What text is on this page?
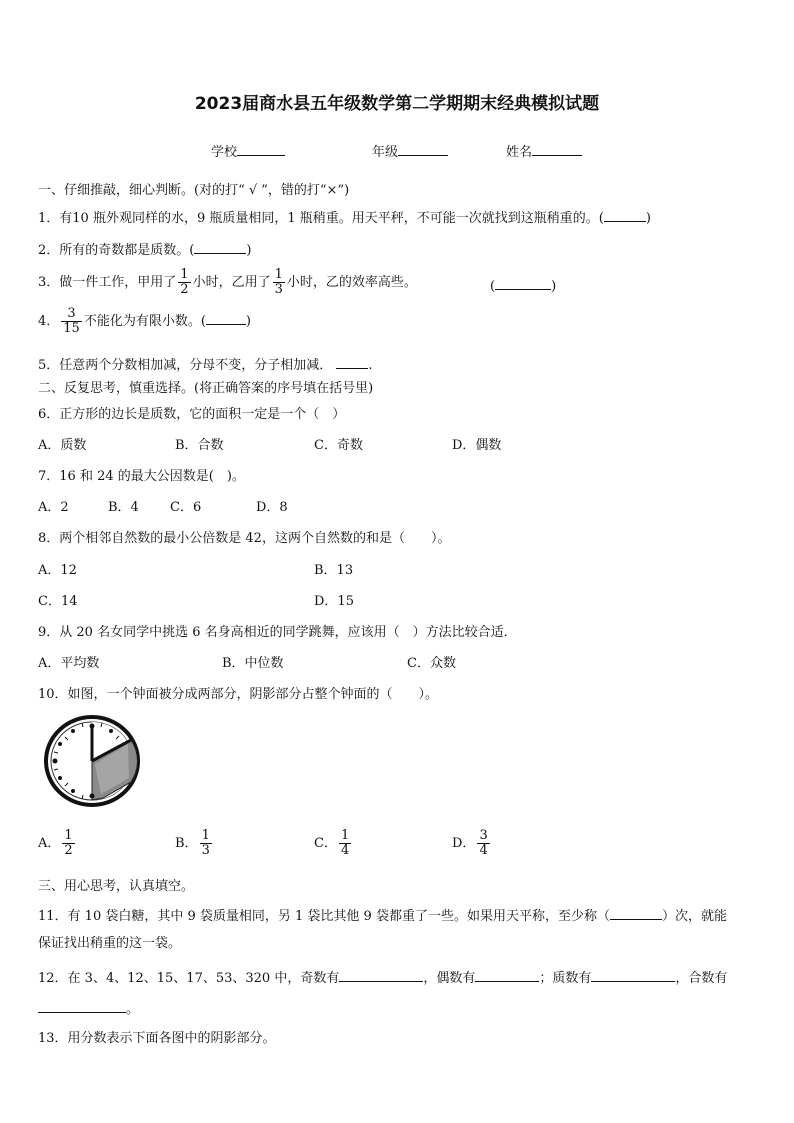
2023届商水县五年级数学第二学期期末经典模拟试题
学校	年级	姓名
一、仔细推敲，细心判断。(对的打“ √ ”，错的打“×”)
1．有10 瓶外观同样的水，9 瓶质量相同，1 瓶稍重。用天平秤，不可能一次就找到这瓶稍重的。(	)
2．所有的奇数都是质数。(	)
3．做一件工作，甲用了 $\frac{1}{2}$ 小时，乙用了 $\frac{1}{3}$ 小时，乙的效率高些。	(	)
4． $\frac{3}{15}$ 不能化为有限小数。(	)
5．任意两个分数相加减，分母不变，分子相加减．	.
二、反复思考，慎重选择。(将正确答案的序号填在括号里)
6．正方形的边长是质数，它的面积一定是一个（　）
A．质数	B．合数	C．奇数	D．偶数
7．16 和 24 的最大公因数是(　)。
A．2	B．4 C．6	D．8
8．两个相邻自然数的最小公倍数是 42，这两个自然数的和是（　　）。
A．12	B．13
C．14	D．15
9．从 20 名女同学中挑选 6 名身高相近的同学跳舞，应该用（　）方法比较合适．
A．平均数	B．中位数	C．众数
10．如图，一个钟面被分成两部分，阴影部分占整个钟面的（　　）。
A． $\frac{1}{2}$	B． $\frac{1}{3}$	C． $\frac{1}{4}$	D． $\frac{3}{4}$
三、用心思考，认真填空。
11．有 10 袋白糖，其中 9 袋质量相同，另 1 袋比其他 9 袋都重了一些。如果用天平称，至少称（	）次，就能
保证找出稍重的这一袋。
12．在 3、4、12、15、17、53、320 中，奇数有	，偶数有	；质数有	，合数有
。
13．用分数表示下面各图中的阴影部分。
